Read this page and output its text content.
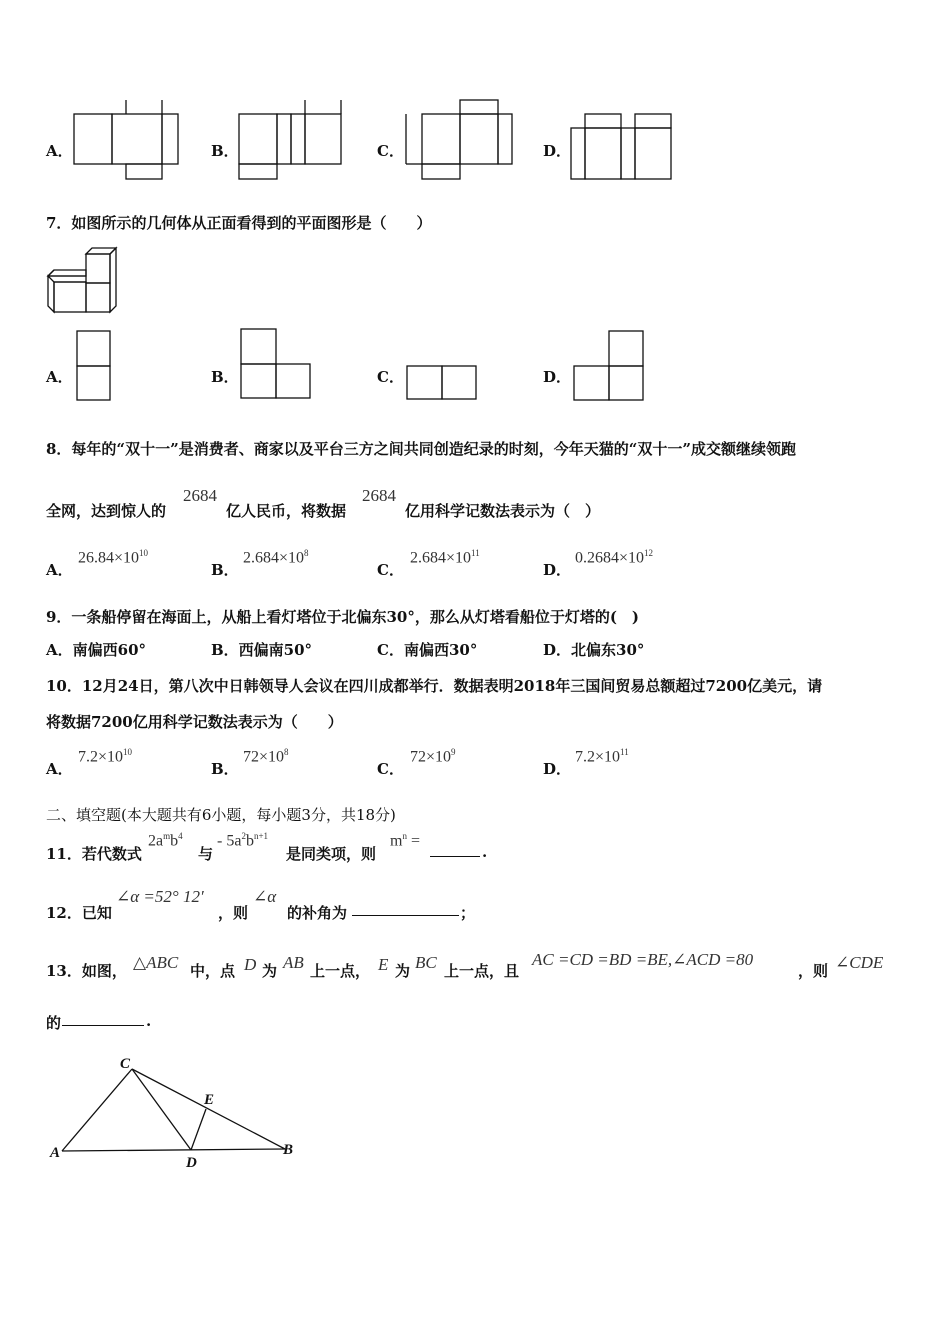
A．	B．	C．	D．
7．如图所示的几何体从正面看得到的平面图形是（　　）
A．	B．	C．	D．
8．每年的“双十一”是消费者、商家以及平台三方之间共同创造纪录的时刻，今年天猫的“双十一”成交额继续领跑
全网，达到惊人的
2684
亿人民币，将数据
2684
亿用科学记数法表示为（　）
A．
$26.84\times 10^{10}$
B．
$2.684\times 10^8$
C．
$2.684\times 10^{11}$
D．
$0.2684\times 10^{12}$
9．一条船停留在海面上，从船上看灯塔位于北偏东30°，那么从灯塔看船位于灯塔的(　)
A．南偏西60°	B．西偏南50°	C．南偏西30°	D．北偏东30°
10．12月24日，第八次中日韩领导人会议在四川成都举行．数据表明2018年三国间贸易总额超过7200亿美元，请
将数据7200亿用科学记数法表示为（　　）
A．
$7.2\times 10^{10}$
B．
$72\times 10^8$
C．
$72\times 10^9$
D．
$7.2\times 10^{11}$
二、填空题(本大题共有6小题，每小题3分，共18分)
11．若代数式
$2a^mb^4$
与
- $5a^2b^{n+1}$
是同类项，则
$m^n$ =
.
12．已知
∠α =52° 12′
，则
∠α
的补角为	；
13．如图， △ABC 中，点 D 为 AB 上一点， E 为 BC 上一点，且
AC =CD =BD =BE,∠ACD =80
，则 ∠CDE
的	.
C
E
A
D
B
